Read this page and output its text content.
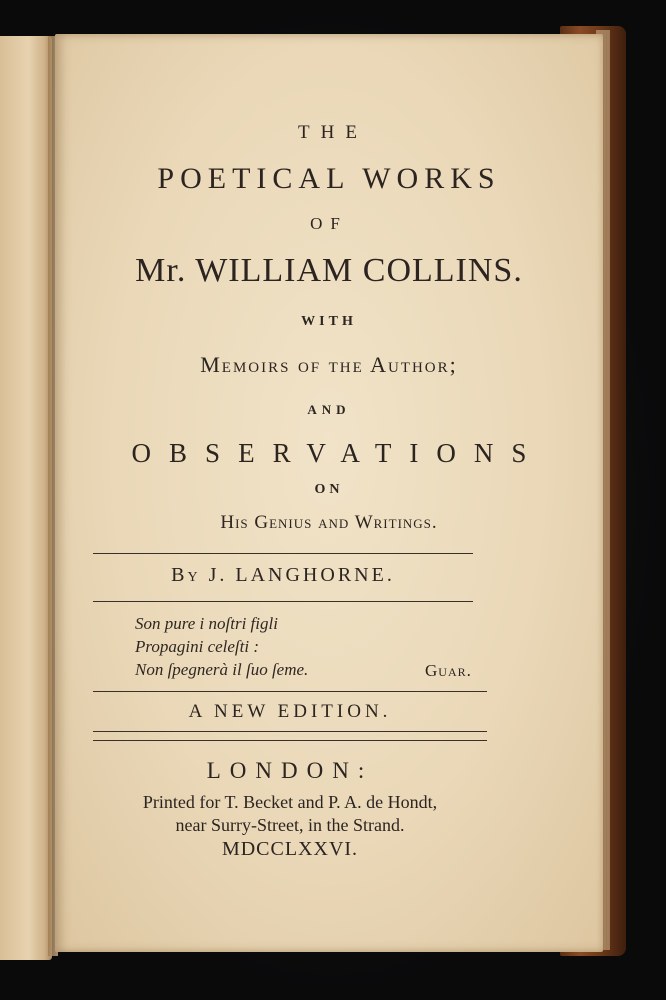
THE
POETICAL WORKS
OF
Mr. WILLIAM COLLINS.
WITH
Memoirs of the Author;
AND
OBSERVATIONS
ON
His Genius and Writings.
By J. LANGHORNE.
Son pure i noſtri figli
Propagini celeſti :
Non ſpegnerà il ſuo ſeme.	Guar.
A NEW EDITION.
LONDON:
Printed for T. Becket and P. A. de Hondt,
near Surry-Street, in the Strand.
MDCCLXXVI.
